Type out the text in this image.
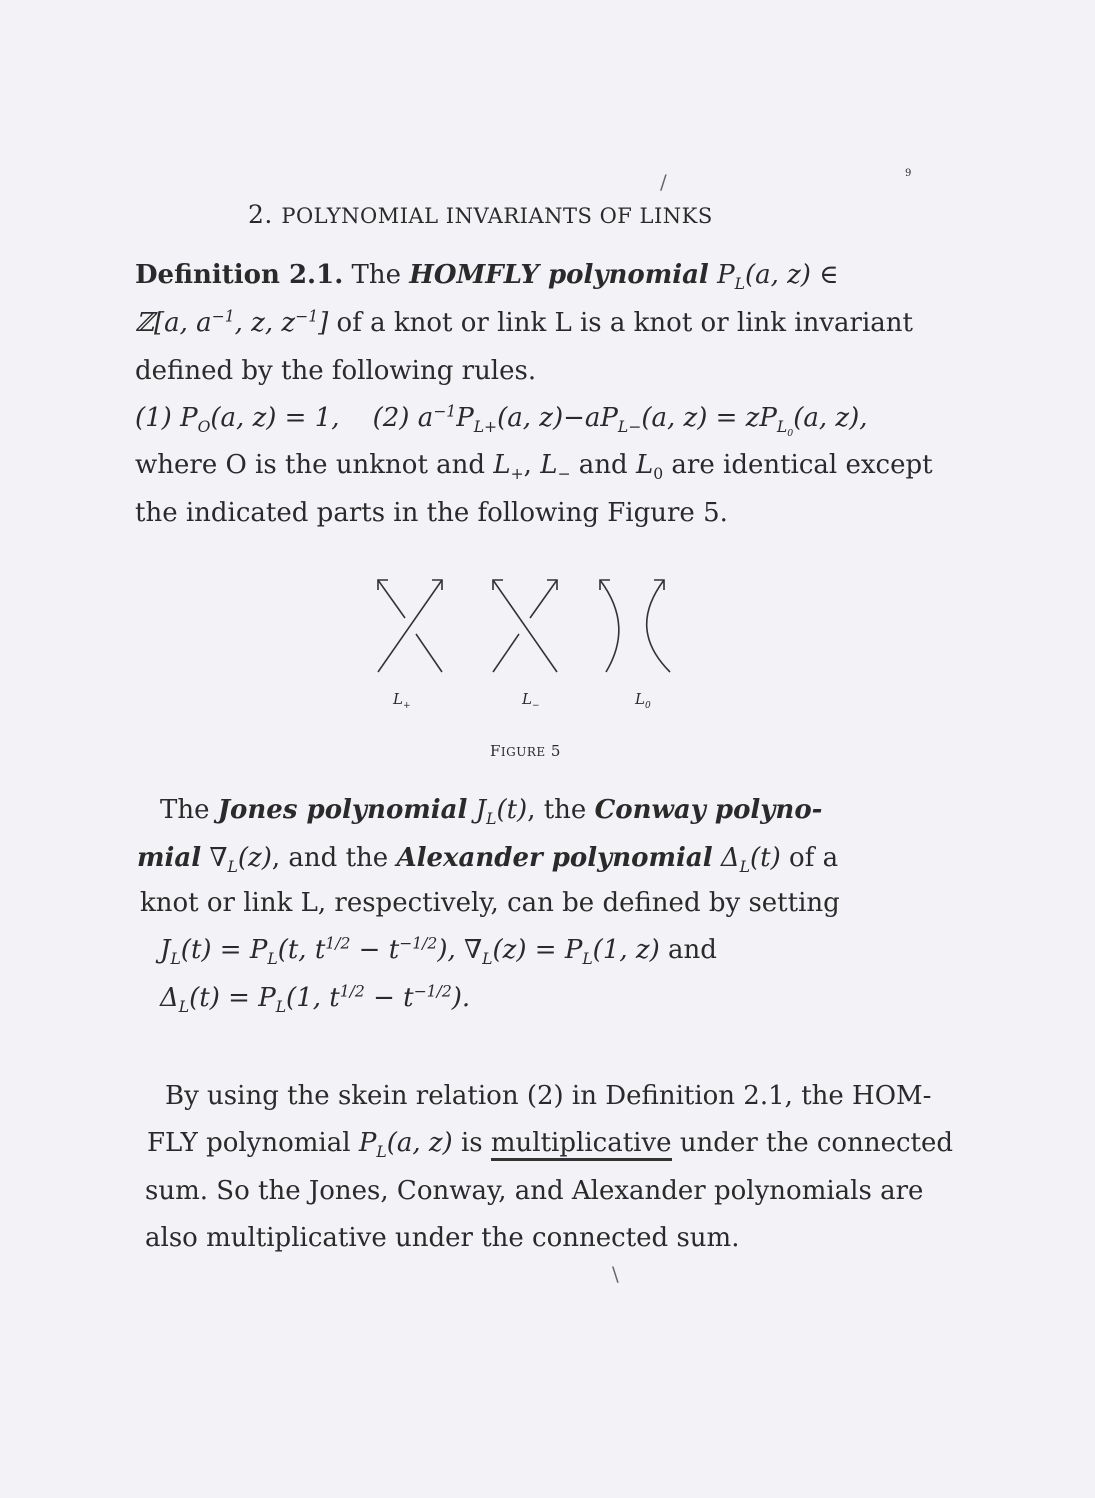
/	9
2. POLYNOMIAL INVARIANTS OF LINKS
Definition 2.1. The HOMFLY polynomial $P_L(a$, z) ∈
ℤ[a, $a^{-1}$, z, $z^{-1}$] of a knot or link L is a knot or link invariant
defined by the following rules.
(1) $P_O(a$, z) = 1, (2) $a^{-1}P_{L+}(a$, $z)-aP_{L-}(a$, $z) = zP_{L_0}(a$, z),
where O is the unknot and $L_+$, $L_-$ and $L_0$ are identical except
the indicated parts in the following Figure 5.
$L_+$	$L_-$	$L_0$
FIGURE 5
The Jones polynomial $J_L(t)$, the Conway polyno-
mial $\nabla_L(z)$, and the Alexander polynomial $\Delta_L(t)$ of a
knot or link L, respectively, can be defined by setting
$J_L(t) = P_L(t$, $t^{1/2} - t^{-1/2}$), $\nabla_L(z) = P_L(1$, z) and
$\Delta_L(t) = P_L(1$, $t^{1/2} - t^{-1/2}$).
By using the skein relation (2) in Definition 2.1, the HOM-
FLY polynomial $P_L(a$, z) is multiplicative under the connected
sum. So the Jones, Conway, and Alexander polynomials are
also multiplicative under the connected sum.
\
